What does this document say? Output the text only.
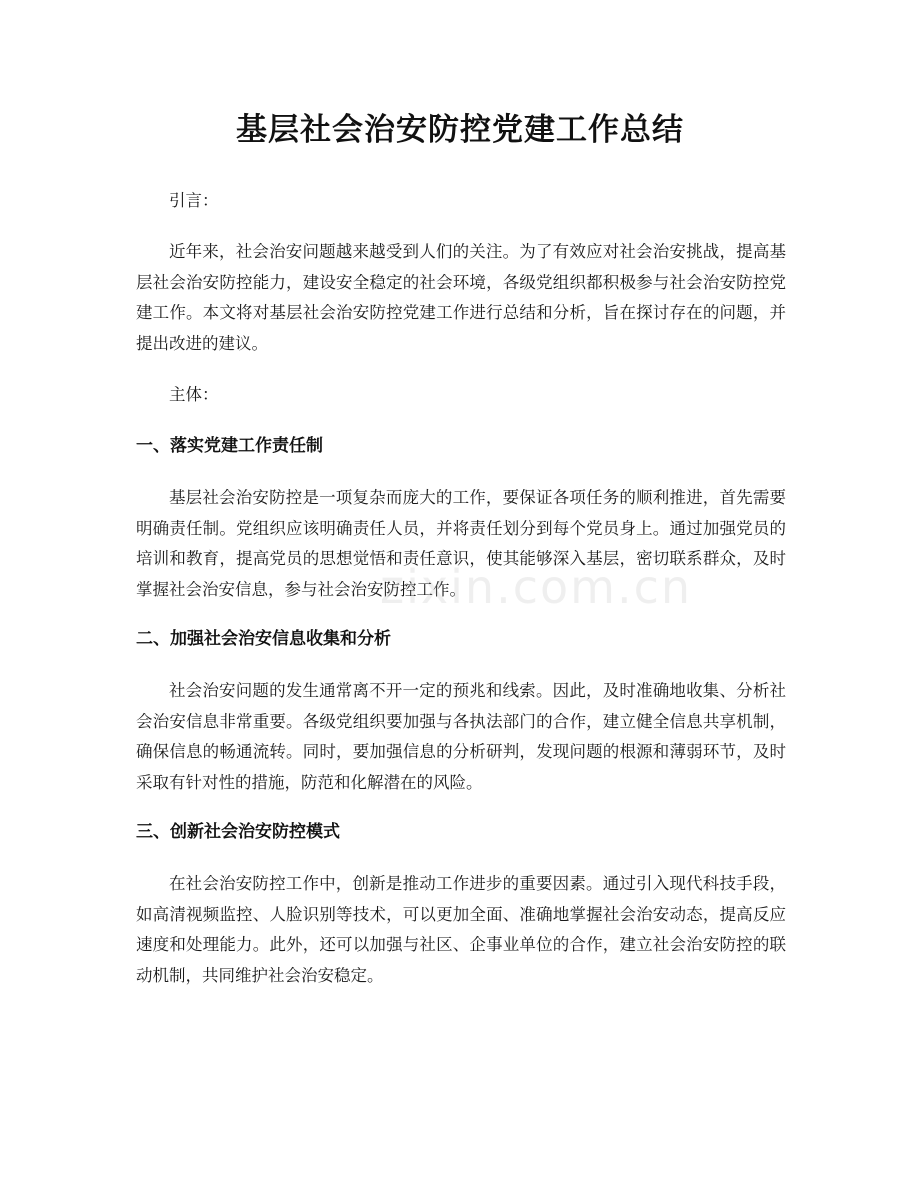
基层社会治安防控党建工作总结

引言：

近年来，社会治安问题越来越受到人们的关注。为了有效应对社会治安挑战，提高基层社会治安防控能力，建设安全稳定的社会环境，各级党组织都积极参与社会治安防控党建工作。本文将对基层社会治安防控党建工作进行总结和分析，旨在探讨存在的问题，并提出改进的建议。

主体：

一、落实党建工作责任制

基层社会治安防控是一项复杂而庞大的工作，要保证各项任务的顺利推进，首先需要明确责任制。党组织应该明确责任人员，并将责任划分到每个党员身上。通过加强党员的培训和教育，提高党员的思想觉悟和责任意识，使其能够深入基层，密切联系群众，及时掌握社会治安信息，参与社会治安防控工作。

二、加强社会治安信息收集和分析

社会治安问题的发生通常离不开一定的预兆和线索。因此，及时准确地收集、分析社会治安信息非常重要。各级党组织要加强与各执法部门的合作，建立健全信息共享机制，确保信息的畅通流转。同时，要加强信息的分析研判，发现问题的根源和薄弱环节，及时采取有针对性的措施，防范和化解潜在的风险。

三、创新社会治安防控模式

在社会治安防控工作中，创新是推动工作进步的重要因素。通过引入现代科技手段，如高清视频监控、人脸识别等技术，可以更加全面、准确地掌握社会治安动态，提高反应速度和处理能力。此外，还可以加强与社区、企事业单位的合作，建立社会治安防控的联动机制，共同维护社会治安稳定。

zixin.com.cn
